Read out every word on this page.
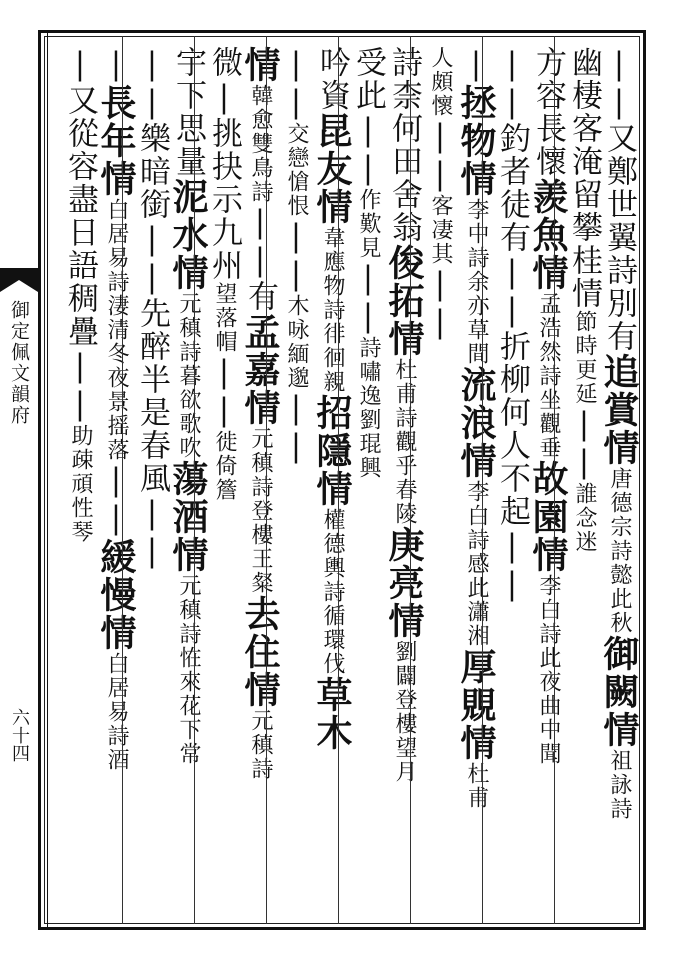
御定佩文韻府
六十四
||又鄭世翼詩別有追賞情唐德宗詩懿此秋御闕情祖詠詩
幽棲客淹留攀桂情節時更延||誰念迷
方容長懷羨魚情孟浩然詩坐觀垂故園情李白詩此夜曲中聞
||釣者徒有||折柳何人不起||
|拯物情李中詩余亦草間流浪情李白詩感此瀟湘厚覞情杜甫
人頗懷||客凄其||
詩柰何田舍翁俊拓情杜甫詩觀乎春陵庚亮情劉闢登樓望月
受此||作歎見||詩嘯逸劉琨興
吟資昆友情韋應物詩徘徊親招隱情權德輿詩循環伐草木
||交戀愴恨||木咏緬邈||
情韓愈雙鳥詩||有孟嘉情元稹詩登樓王粲去住情元稹詩
微|挑抉示九州望落帽||徙倚簷
宇下思量泥水情元稹詩暮欲歌吹蕩酒情元稹詩恠來花下常
||樂暗銜||先醉半是春風||
|長年情白居易詩淒清冬夜景摇落||緩慢情白居易詩酒
|又從容盡日語稠疊||助疎頑性琴
